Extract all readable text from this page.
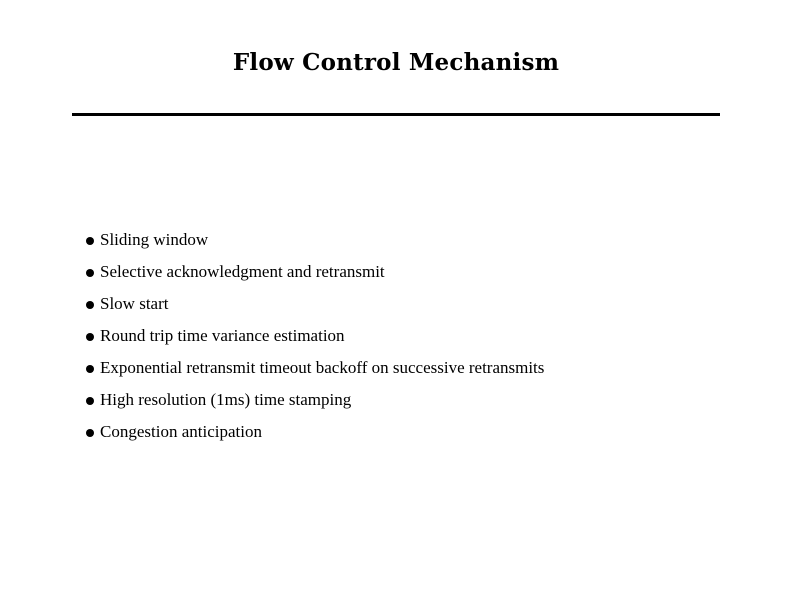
Flow Control Mechanism
Sliding window
Selective acknowledgment and retransmit
Slow start
Round trip time variance estimation
Exponential retransmit timeout backoff on successive retransmits
High resolution (1ms) time stamping
Congestion anticipation
